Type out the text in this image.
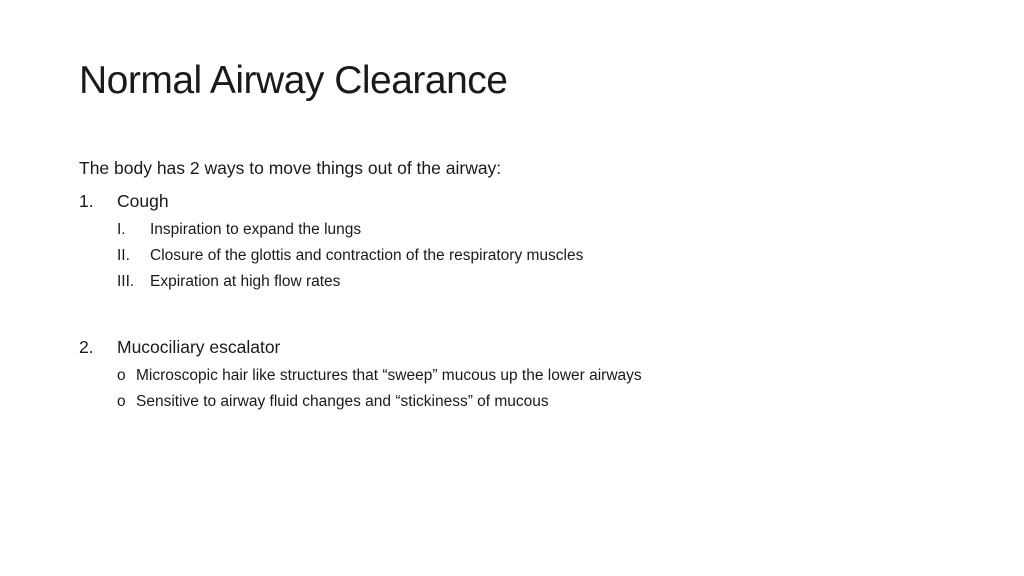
Normal Airway Clearance
The body has 2 ways to move things out of the airway:
1. Cough
I. Inspiration to expand the lungs
II. Closure of the glottis and contraction of the respiratory muscles
III. Expiration at high flow rates
2. Mucociliary escalator
o Microscopic hair like structures that “sweep” mucous up the lower airways
o Sensitive to airway fluid changes and “stickiness” of mucous
